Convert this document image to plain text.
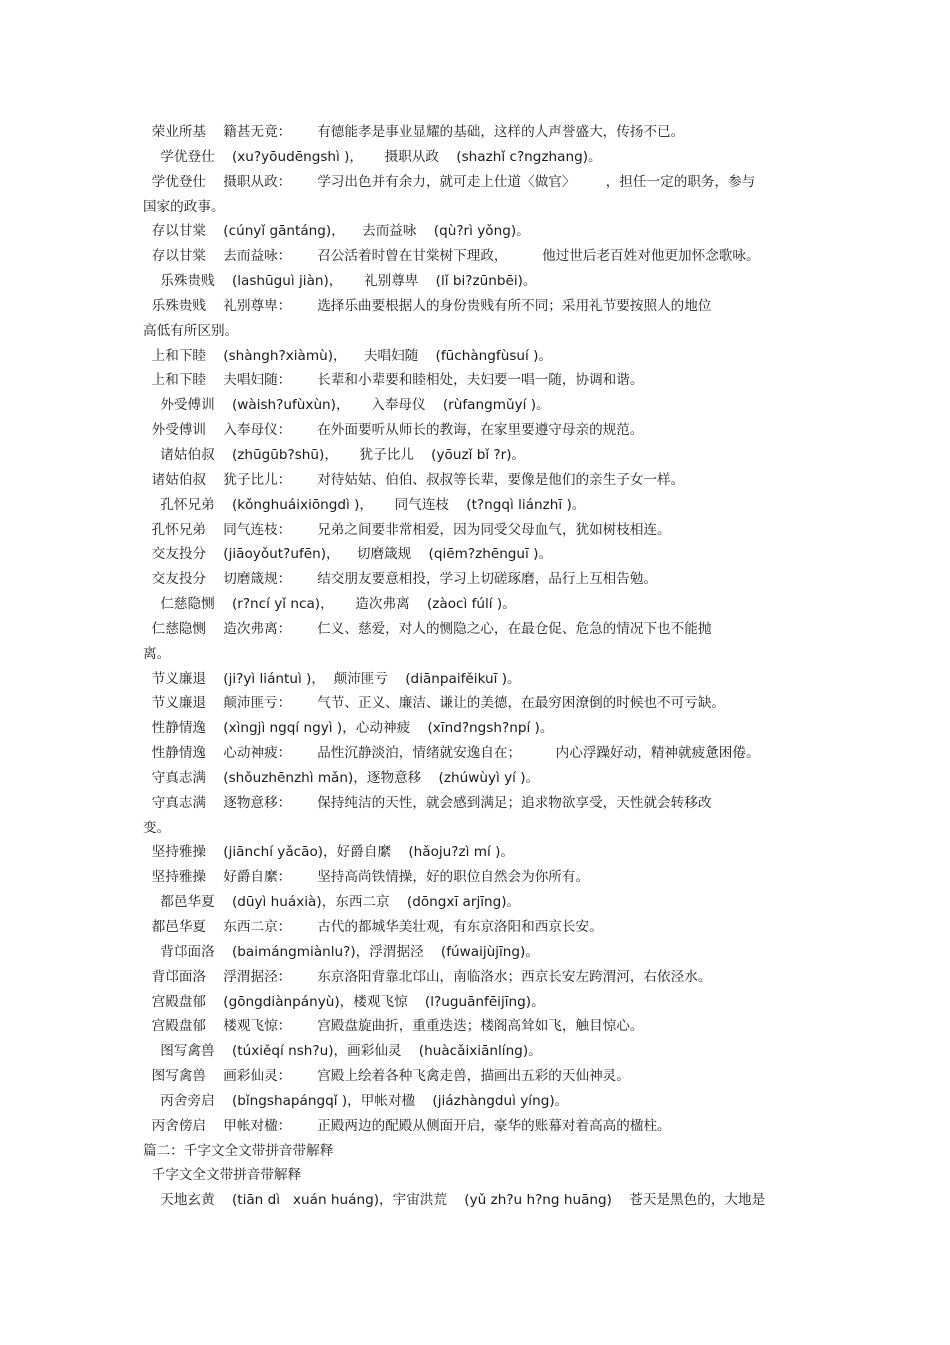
荣业所基    籍甚无竟：      有德能孝是事业显耀的基础，这样的人声誉盛大，传扬不已。
学优登仕    (xu?yōudēngshì )，     摄职从政    (shazhǐ c?ngzhang)。
学优登仕    摄职从政：      学习出色并有余力，就可走上仕道〈做官〉       ，担任一定的职务，参与
国家的政事。
存以甘棠    (cúnyǐ gāntáng)，    去而益咏    (qù?rì yǒng)。
存以甘棠    去而益咏：      召公活着时曾在甘棠树下理政，        他过世后老百姓对他更加怀念歌咏。
乐殊贵贱    (lashūguì jiàn)，     礼别尊卑    (lǐ bi?zūnbēi)。
乐殊贵贱    礼别尊卑：      选择乐曲要根据人的身份贵贱有所不同；采用礼节要按照人的地位
高低有所区别。
上和下睦    (shàngh?xiàmù)，    夫唱妇随    (fūchàngfùsuí )。
上和下睦    夫唱妇随：      长辈和小辈要和睦相处，夫妇要一唱一随，协调和谐。
外受傅训    (wàish?ufùxùn)，     入奉母仪    (rùfangmǔyí )。
外受傅训    入奉母仪：      在外面要听从师长的教诲，在家里要遵守母亲的规范。
诸姑伯叔    (zhūgūb?shū)，     犹子比儿    (yōuzǐ bǐ ?r)。
诸姑伯叔    犹子比儿：      对待姑姑、伯伯、叔叔等长辈，要像是他们的亲生子女一样。
孔怀兄弟    (kǒnghuáixiōngdì )，     同气连枝    (t?ngqì liánzhī )。
孔怀兄弟    同气连枝：      兄弟之间要非常相爱，因为同受父母血气，犹如树枝相连。
交友投分    (jiāoyǒut?ufēn)，    切磨箴规    (qiēm?zhēnguī )。
交友投分    切磨箴规：      结交朋友要意相投，学习上切磋琢磨，品行上互相告勉。
仁慈隐恻    (r?ncí yǐ nca)，     造次弗离    (zàocì fúlí )。
仁慈隐恻    造次弗离：      仁义、慈爱，对人的恻隐之心，在最仓促、危急的情况下也不能抛
离。
节义廉退    (ji?yì liántuì )，  颠沛匪亏    (diānpaifěikuī )。
节义廉退    颠沛匪亏：      气节、正义、廉洁、谦让的美德，在最穷困潦倒的时候也不可亏缺。
性静情逸    (xìngjì ngqí ngyì )，心动神疲    (xīnd?ngsh?npí )。
性静情逸    心动神疲：      品性沉静淡泊，情绪就安逸自在；        内心浮躁好动，精神就疲惫困倦。
守真志满    (shǒuzhēnzhì mǎn)，逐物意移    (zhúwùyì yí )。
守真志满    逐物意移：      保持纯洁的天性，就会感到满足；追求物欲享受，天性就会转移改
变。
坚持雅操    (jiānchí yǎcāo)，好爵自縻    (hǎoju?zì mí )。
坚持雅操    好爵自縻：      坚持高尚铁情操，好的职位自然会为你所有。
都邑华夏    (dūyì huáxià)，东西二京    (dōngxī arjīng)。
都邑华夏    东西二京：      古代的都城华美壮观，有东京洛阳和西京长安。
背邙面洛    (baimángmiànlu?)，浮渭据泾    (fúwaijùjīng)。
背邙面洛    浮渭据泾：      东京洛阳背靠北邙山，南临洛水；西京长安左跨渭河，右依泾水。
宫殿盘郁    (gōngdiànpányù)，楼观飞惊    (l?uguānfēijīng)。
宫殿盘郁    楼观飞惊：      宫殿盘旋曲折，重重迭迭；楼阁高耸如飞，触目惊心。
图写禽兽    (túxiěqí nsh?u)，画彩仙灵    (huàcǎixiānlíng)。
图写禽兽    画彩仙灵：      宫殿上绘着各种飞禽走兽，描画出五彩的天仙神灵。
丙舍旁启    (bǐngshapángqǐ )，甲帐对楹    (jiázhàngduì yíng)。
丙舍傍启    甲帐对楹：      正殿两边的配殿从侧面开启，豪华的账幕对着高高的楹柱。
篇二：千字文全文带拼音带解释
千字文全文带拼音带解释
天地玄黄    (tiān dì   xuán huáng)，宇宙洪荒    (yǔ zh?u h?ng huāng)    苍天是黑色的，大地是
